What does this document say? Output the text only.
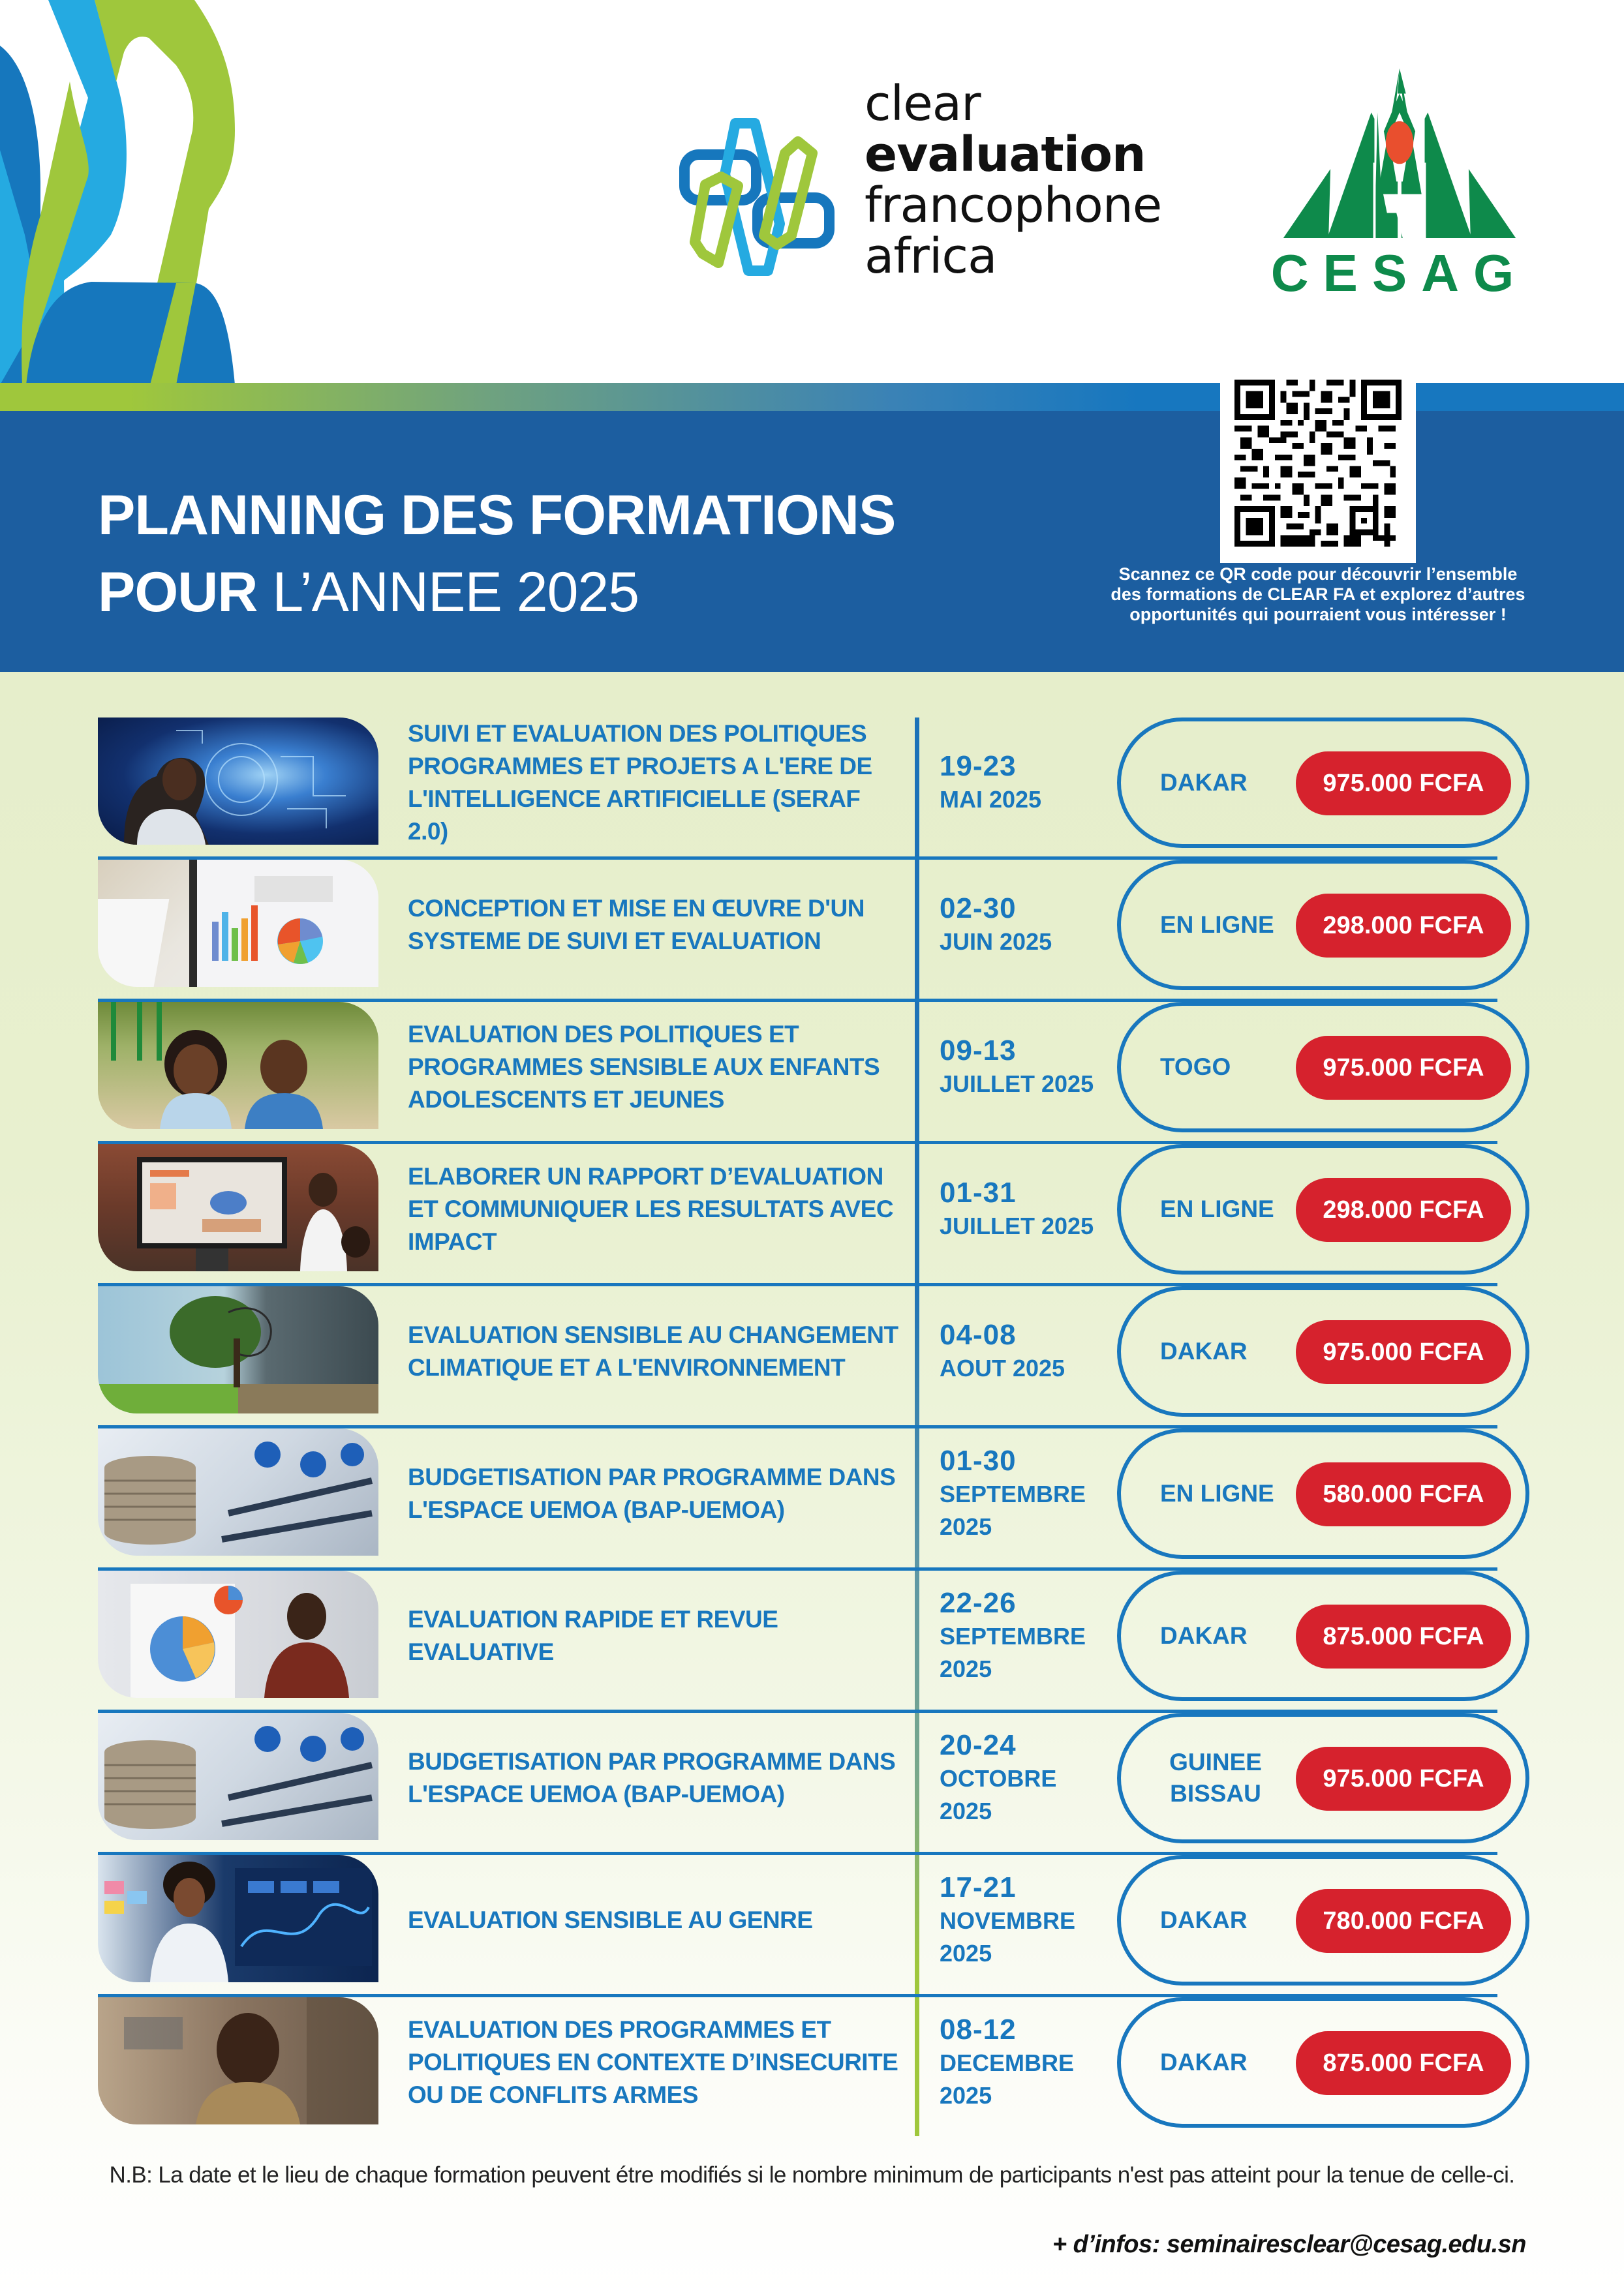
clear
evaluation
francophone
africa	CESAG
PLANNING DES FORMATIONS
POUR L’ANNEE 2025	Scannez ce QR code pour découvrir l’ensemble des formations de CLEAR FA et explorez d’autres opportunités qui pourraient vous intéresser !
SUIVI ET EVALUATION DES POLITIQUES PROGRAMMES ET PROJETS A L'ERE DE L'INTELLIGENCE ARTIFICIELLE (SERAF 2.0)
19-23
MAI 2025
DAKAR	975.000 FCFA
CONCEPTION ET MISE EN ŒUVRE D'UN SYSTEME DE SUIVI ET EVALUATION
02-30
JUIN 2025
EN LIGNE	298.000 FCFA
EVALUATION DES POLITIQUES ET PROGRAMMES SENSIBLE AUX ENFANTS ADOLESCENTS ET JEUNES
09-13
JUILLET 2025
TOGO	975.000 FCFA
ELABORER UN RAPPORT D’EVALUATION ET COMMUNIQUER LES RESULTATS AVEC IMPACT
01-31
JUILLET 2025
EN LIGNE	298.000 FCFA
EVALUATION SENSIBLE AU CHANGEMENT CLIMATIQUE ET A L'ENVIRONNEMENT
04-08
AOUT 2025
DAKAR	975.000 FCFA
BUDGETISATION PAR PROGRAMME DANS L'ESPACE UEMOA (BAP-UEMOA)
01-30
SEPTEMBRE 2025
EN LIGNE	580.000 FCFA
EVALUATION RAPIDE ET REVUE EVALUATIVE
22-26
SEPTEMBRE 2025
DAKAR	875.000 FCFA
BUDGETISATION PAR PROGRAMME DANS L'ESPACE UEMOA (BAP-UEMOA)
20-24
OCTOBRE 2025
GUINEE BISSAU
975.000 FCFA
EVALUATION SENSIBLE AU GENRE
17-21
NOVEMBRE 2025
DAKAR	780.000 FCFA
EVALUATION DES PROGRAMMES ET POLITIQUES EN CONTEXTE D’INSECURITE OU DE CONFLITS ARMES
08-12
DECEMBRE 2025
DAKAR	875.000 FCFA
N.B: La date et le lieu de chaque formation peuvent étre modifiés si le nombre minimum de participants n'est pas atteint pour la tenue de celle-ci.
+ d’infos: seminairesclear@cesag.edu.sn
